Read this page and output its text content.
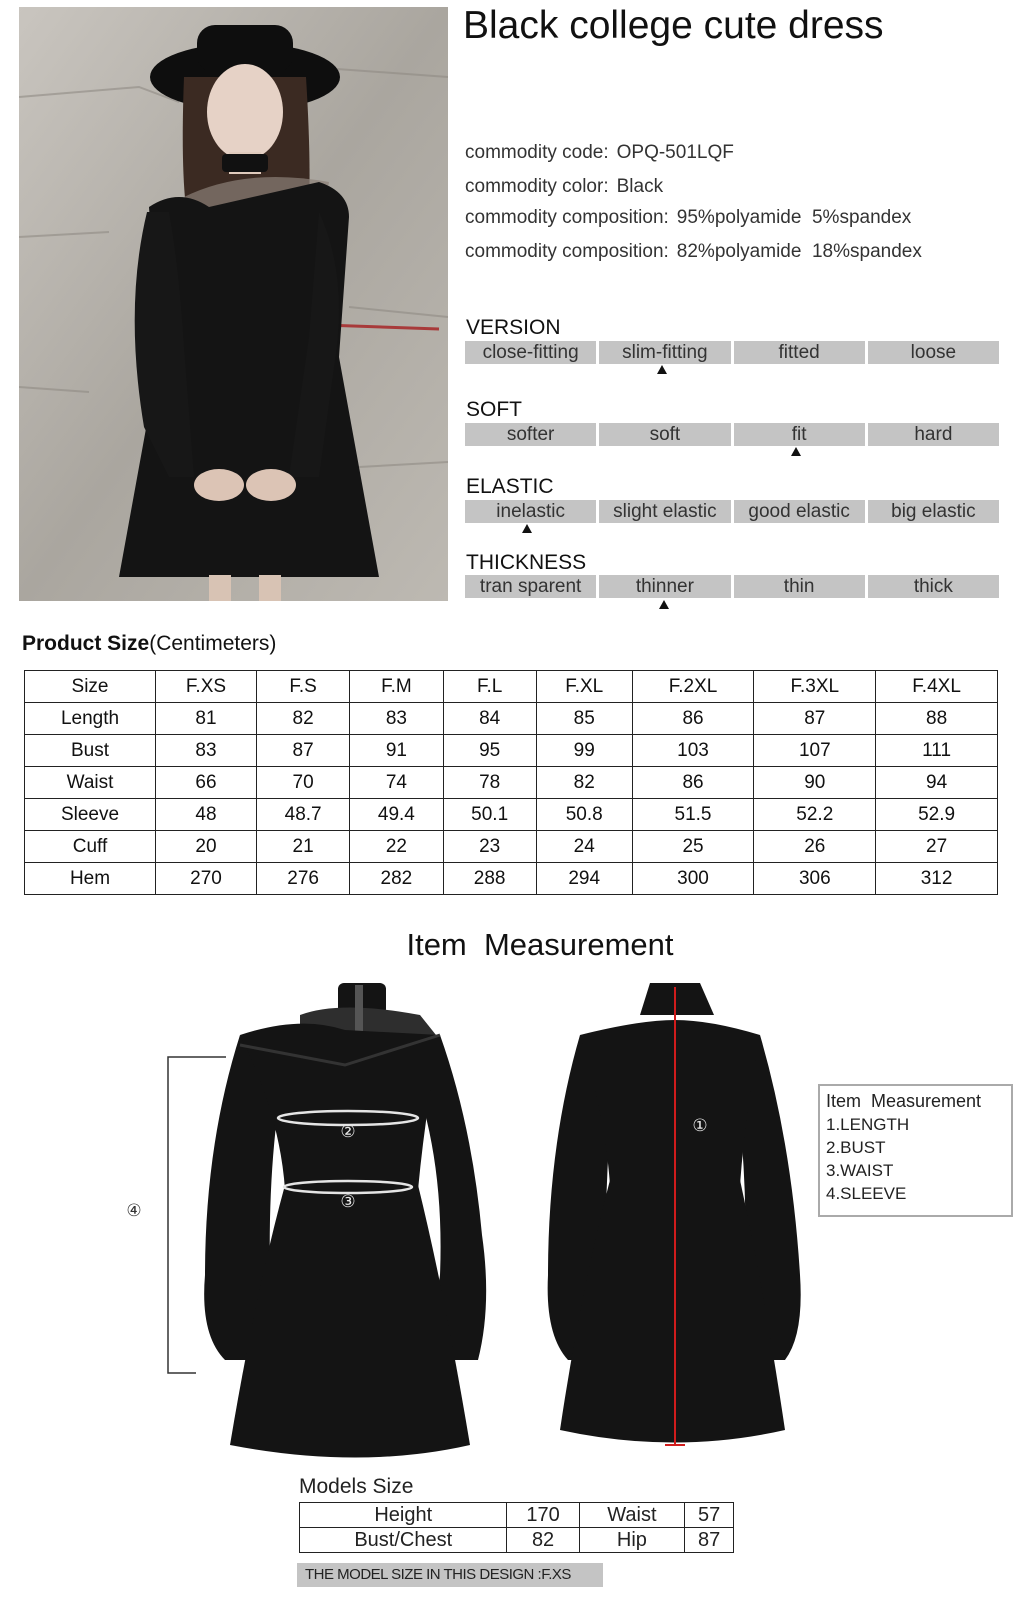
Black college cute dress
commodity code: OPQ-501LQF
commodity color: Black
commodity composition: 95%polyamide  5%spandex
commodity composition: 82%polyamide  18%spandex
VERSION
close-fitting	slim-fitting	fitted	loose
SOFT
softer	soft	fit	hard
ELASTIC
inelastic	slight elastic	good elastic	big elastic
THICKNESS
tran sparent	thinner	thin	thick
Product Size(Centimeters)
Size	F.XS	F.S	F.M	F.L	F.XL	F.2XL	F.3XL	F.4XL
Length	81	82	83	84	85	86	87	88
Bust	83	87	91	95	99	103	107	111
Waist	66	70	74	78	82	86	90	94
Sleeve	48	48.7	49.4	50.1	50.8	51.5	52.2	52.9
Cuff	20	21	22	23	24	25	26	27
Hem	270	276	282	288	294	300	306	312
Item  Measurement
②
③
④
①
Item  Measurement
1.LENGTH
2.BUST
3.WAIST
4.SLEEVE
Models Size
Height	170	Waist	57
Bust/Chest	82	Hip	87
THE MODEL SIZE IN THIS DESIGN :F.XS
